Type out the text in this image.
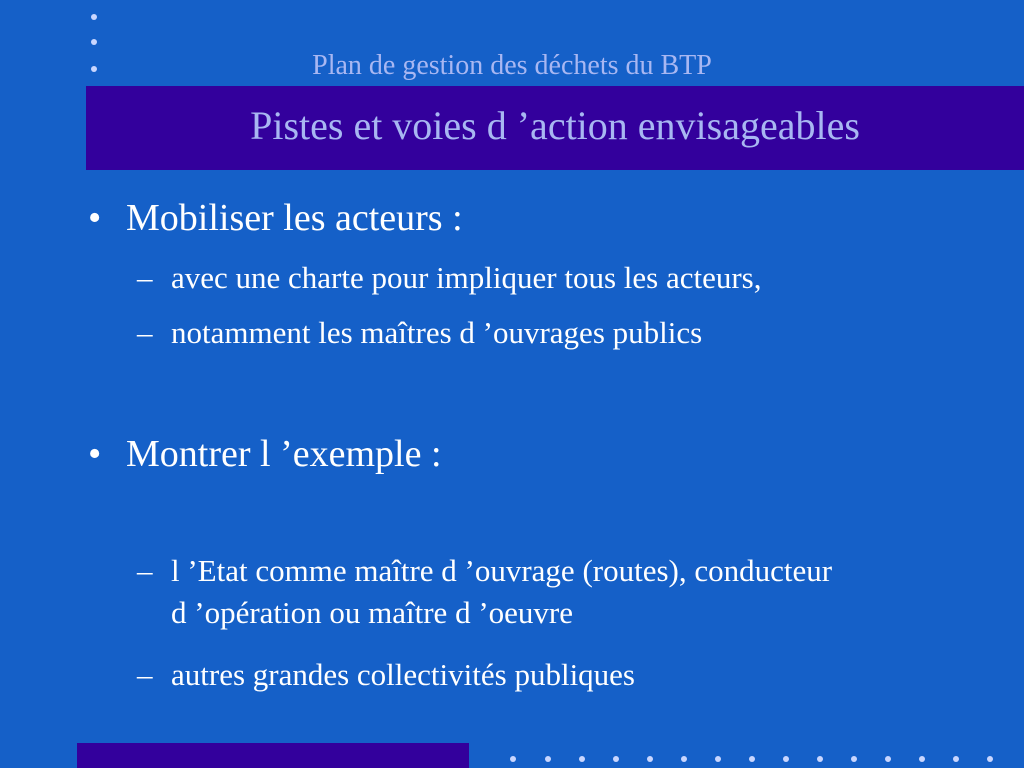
Plan de gestion des déchets du BTP
Pistes et voies d ’action envisageables
• Mobiliser les acteurs :
– avec une charte pour impliquer tous les acteurs,
– notamment les maîtres d ’ouvrages publics
• Montrer l ’exemple :
– l ’Etat comme maître d ’ouvrage (routes), conducteur d ’opération ou maître d ’oeuvre
– autres grandes collectivités publiques
